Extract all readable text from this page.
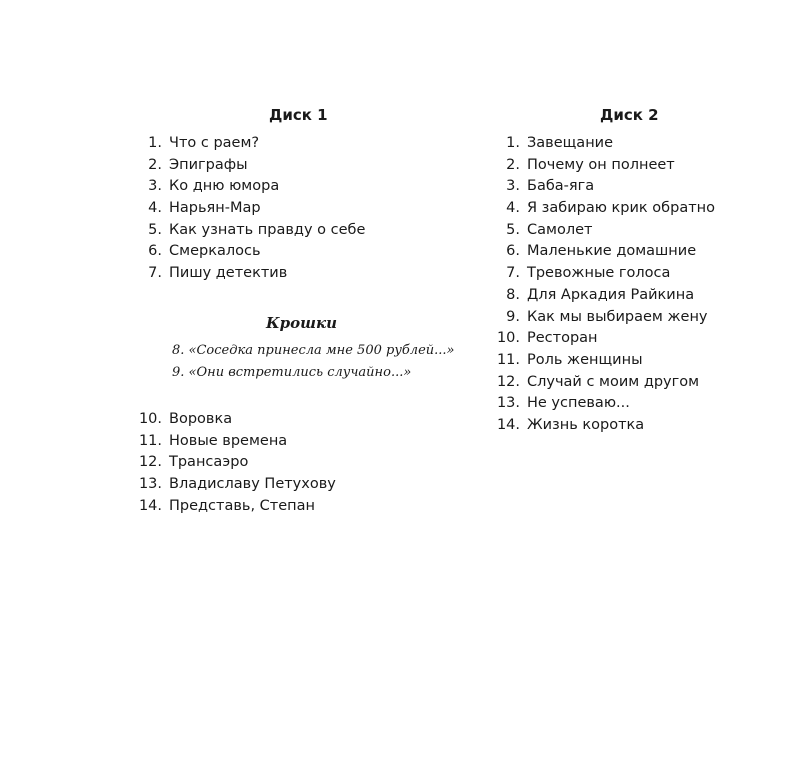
Диск 1
1. Что с раем?
2. Эпиграфы
3. Ко дню юмора
4. Нарьян-Мар
5. Как узнать правду о себе
6. Смеркалось
7. Пишу детектив
Крошки
8. «Соседка принесла мне 500 рублей...»
9. «Они встретились случайно...»
10. Воровка
11. Новые времена
12. Трансаэро
13. Владиславу Петухову
14. Представь, Степан
Диск 2
1. Завещание
2. Почему он полнеет
3. Баба-яга
4. Я забираю крик обратно
5. Самолет
6. Маленькие домашние
7. Тревожные голоса
8. Для Аркадия Райкина
9. Как мы выбираем жену
10. Ресторан
11. Роль женщины
12. Случай с моим другом
13. Не успеваю...
14. Жизнь коротка
